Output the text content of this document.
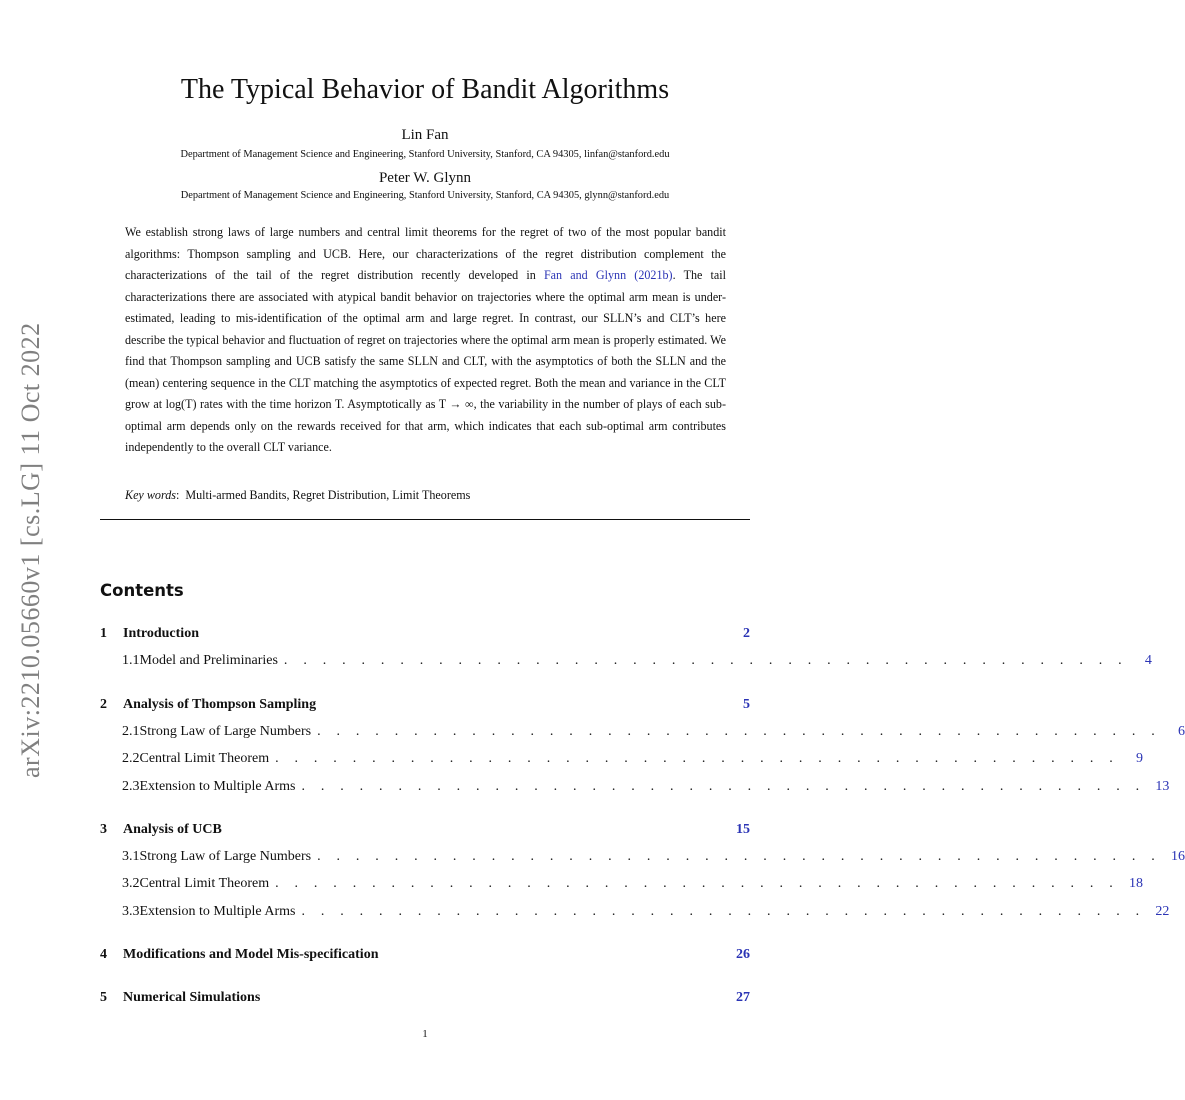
arXiv:2210.05660v1 [cs.LG] 11 Oct 2022
The Typical Behavior of Bandit Algorithms
Lin Fan
Department of Management Science and Engineering, Stanford University, Stanford, CA 94305, linfan@stanford.edu
Peter W. Glynn
Department of Management Science and Engineering, Stanford University, Stanford, CA 94305, glynn@stanford.edu

We establish strong laws of large numbers and central limit theorems for the regret of two of the most popular bandit algorithms: Thompson sampling and UCB. Here, our characterizations of the regret distribution complement the characterizations of the tail of the regret distribution recently developed in Fan and Glynn (2021b). The tail characterizations there are associated with atypical bandit behavior on trajectories where the optimal arm mean is under-estimated, leading to mis-identification of the optimal arm and large regret. In contrast, our SLLN’s and CLT’s here describe the typical behavior and fluctuation of regret on trajectories where the optimal arm mean is properly estimated. We find that Thompson sampling and UCB satisfy the same SLLN and CLT, with the asymptotics of both the SLLN and the (mean) centering sequence in the CLT matching the asymptotics of expected regret. Both the mean and variance in the CLT grow at log(T) rates with the time horizon T. Asymptotically as T → ∞, the variability in the number of plays of each sub-optimal arm depends only on the rewards received for that arm, which indicates that each sub-optimal arm contributes independently to the overall CLT variance.

Key words: Multi-armed Bandits, Regret Distribution, Limit Theorems

Contents
1	Introduction	2
1.1 Model and Preliminaries . . . . . . . . . . . . . . . . . . . . . . . . . . . . . . . . . . . . . . . . . . . .	4
2	Analysis of Thompson Sampling	5
2.1 Strong Law of Large Numbers . . . . . . . . . . . . . . . . . . . . . . . . . . . . . . . . . . . . . . . . . . . .	6
2.2 Central Limit Theorem . . . . . . . . . . . . . . . . . . . . . . . . . . . . . . . . . . . . . . . . . . . .	9
2.3 Extension to Multiple Arms . . . . . . . . . . . . . . . . . . . . . . . . . . . . . . . . . . . . . . . . . . . . 13
3	Analysis of UCB	15
3.1 Strong Law of Large Numbers . . . . . . . . . . . . . . . . . . . . . . . . . . . . . . . . . . . . . . . . . . . . 16
3.2 Central Limit Theorem . . . . . . . . . . . . . . . . . . . . . . . . . . . . . . . . . . . . . . . . . . . . 18
3.3 Extension to Multiple Arms . . . . . . . . . . . . . . . . . . . . . . . . . . . . . . . . . . . . . . . . . . . . 22
4	Modifications and Model Mis-specification	26
5	Numerical Simulations	27
1
